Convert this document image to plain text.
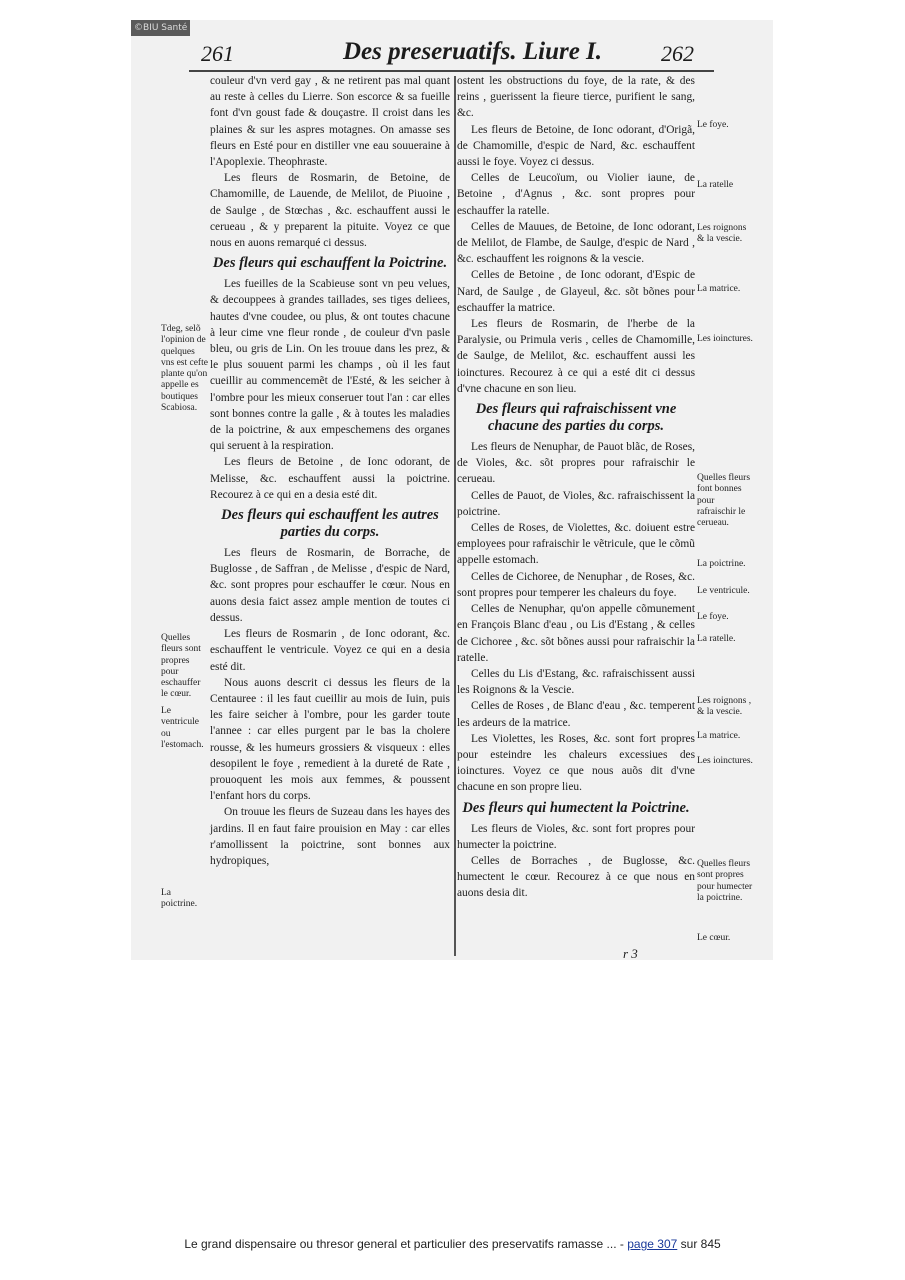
©BIU Santé
261	Des preseruatifs. Liure I.	262
Tdeg, selõ l'opinion de quelques vns est cefte plante qu'on appelle es boutiques Scabiosa.
Quelles fleurs sont propres pour eschauffer le cœur.
Le ventricule ou l'estomach.
La poictrine.

couleur d'vn verd gay , & ne retirent pas mal quant au reste à celles du Lierre. Son escorce & sa fueille font d'vn goust fade & douçastre. Il croist dans les plaines & sur les aspres motagnes. On amasse ses fleurs en Esté pour en distiller vne eau souueraine à l'Apoplexie. Theophraste.

Les fleurs de Rosmarin, de Betoine, de Chamomille, de Lauende, de Melilot, de Piuoine , de Saulge , de Stœchas , &c. eschauffent aussi le cerueau , & y preparent la pituite. Voyez ce que nous en auons remarqué ci dessus.

Des fleurs qui eschauffent la Poictrine.

Les fueilles de la Scabieuse sont vn peu velues, & decouppees à grandes taillades, ses tiges deliees, hautes d'vne coudee, ou plus, & ont toutes chacune à leur cime vne fleur ronde , de couleur d'vn pasle bleu, ou gris de Lin. On les trouue dans les prez, & le plus souuent parmi les champs , où il les faut cueillir au commencemẽt de l'Esté, & les seicher à l'ombre pour les mieux conseruer tout l'an : car elles sont bonnes contre la galle , & à toutes les maladies de la poictrine, & aux empeschemens des organes qui seruent à la respiration.

Les fleurs de Betoine , de Ionc odorant, de Melisse, &c. eschauffent aussi la poictrine. Recourez à ce qui en a desia esté dit.

Des fleurs qui eschauffent les autres parties du corps.

Les fleurs de Rosmarin, de Borrache, de Buglosse , de Saffran , de Melisse , d'espic de Nard, &c. sont propres pour eschauffer le cœur. Nous en auons desia faict assez ample mention de toutes ci dessus.

Les fleurs de Rosmarin , de Ionc odorant, &c. eschauffent le ventricule. Voyez ce qui en a desia esté dit.

Nous auons descrit ci dessus les fleurs de la Centauree : il les faut cueillir au mois de Iuin, puis les faire seicher à l'ombre, pour les garder toute l'annee : car elles purgent par le bas la cholere rousse, & les humeurs grossiers & visqueux : elles desopilent le foye , remedient à la dureté de Rate , prouoquent les mois aux femmes, & poussent l'enfant hors du corps.

On trouue les fleurs de Suzeau dans les hayes des jardins. Il en faut faire prouision en May : car elles r'amollissent la poictrine, sont bonnes aux hydropiques,

ostent les obstructions du foye, de la rate, & des reins , guerissent la fieure tierce, purifient le sang, &c.

Les fleurs de Betoine, de Ionc odorant, d'Origã, de Chamomille, d'espic de Nard, &c. eschauffent aussi le foye. Voyez ci dessus.

Celles de Leucoïum, ou Violier iaune, de Betoine , d'Agnus , &c. sont propres pour eschauffer la ratelle.

Celles de Mauues, de Betoine, de Ionc odorant, de Melilot, de Flambe, de Saulge, d'espic de Nard , &c. eschauffent les roignons & la vescie.

Celles de Betoine , de Ionc odorant, d'Espic de Nard, de Saulge , de Glayeul, &c. sõt bõnes pour eschauffer la matrice.

Les fleurs de Rosmarin, de l'herbe de la Paralysie, ou Primula veris , celles de Chamomille, de Saulge, de Melilot, &c. eschauffent aussi les ioinctures. Recourez à ce qui a esté dit ci dessus d'vne chacune en son lieu.

Des fleurs qui rafraischissent vne chacune des parties du corps.

Les fleurs de Nenuphar, de Pauot blãc, de Roses, de Violes, &c. sõt propres pour rafraischir le cerueau.

Celles de Pauot, de Violes, &c. rafraischissent la poictrine.

Celles de Roses, de Violettes, &c. doiuent estre employees pour rafraischir le vẽtricule, que le cõmũ appelle estomach.

Celles de Cichoree, de Nenuphar , de Roses, &c. sont propres pour temperer les chaleurs du foye.

Celles de Nenuphar, qu'on appelle cõmunement en François Blanc d'eau , ou Lis d'Estang , & celles de Cichoree , &c. sõt bõnes aussi pour rafraischir la ratelle.

Celles du Lis d'Estang, &c. rafraischissent aussi les Roignons & la Vescie.

Celles de Roses , de Blanc d'eau , &c. temperent les ardeurs de la matrice.

Les Violettes, les Roses, &c. sont fort propres pour esteindre les chaleurs excessiues des ioinctures. Voyez ce que nous auõs dit d'vne chacune en son propre lieu.

Des fleurs qui humectent la Poictrine.

Les fleurs de Violes, &c. sont fort propres pour humecter la poictrine.

Celles de Borraches , de Buglosse, &c. humectent le cœur. Recourez à ce que nous en auons desia dit.

Le foye.
La ratelle
Les roignons & la vescie.
La matrice.
Les ioinctures.
Quelles fleurs font bonnes pour rafraischir le cerueau.
La poictrine.
Le ventricule.
Le foye.
La ratelle.
Les roignons , & la vescie.
La matrice.
Les ioinctures.
Quelles fleurs sont propres pour humecter la poictrine.
Le cœur.
r 3
Le grand dispensaire ou thresor general et particulier des preservatifs ramasse ... - page 307 sur 845
